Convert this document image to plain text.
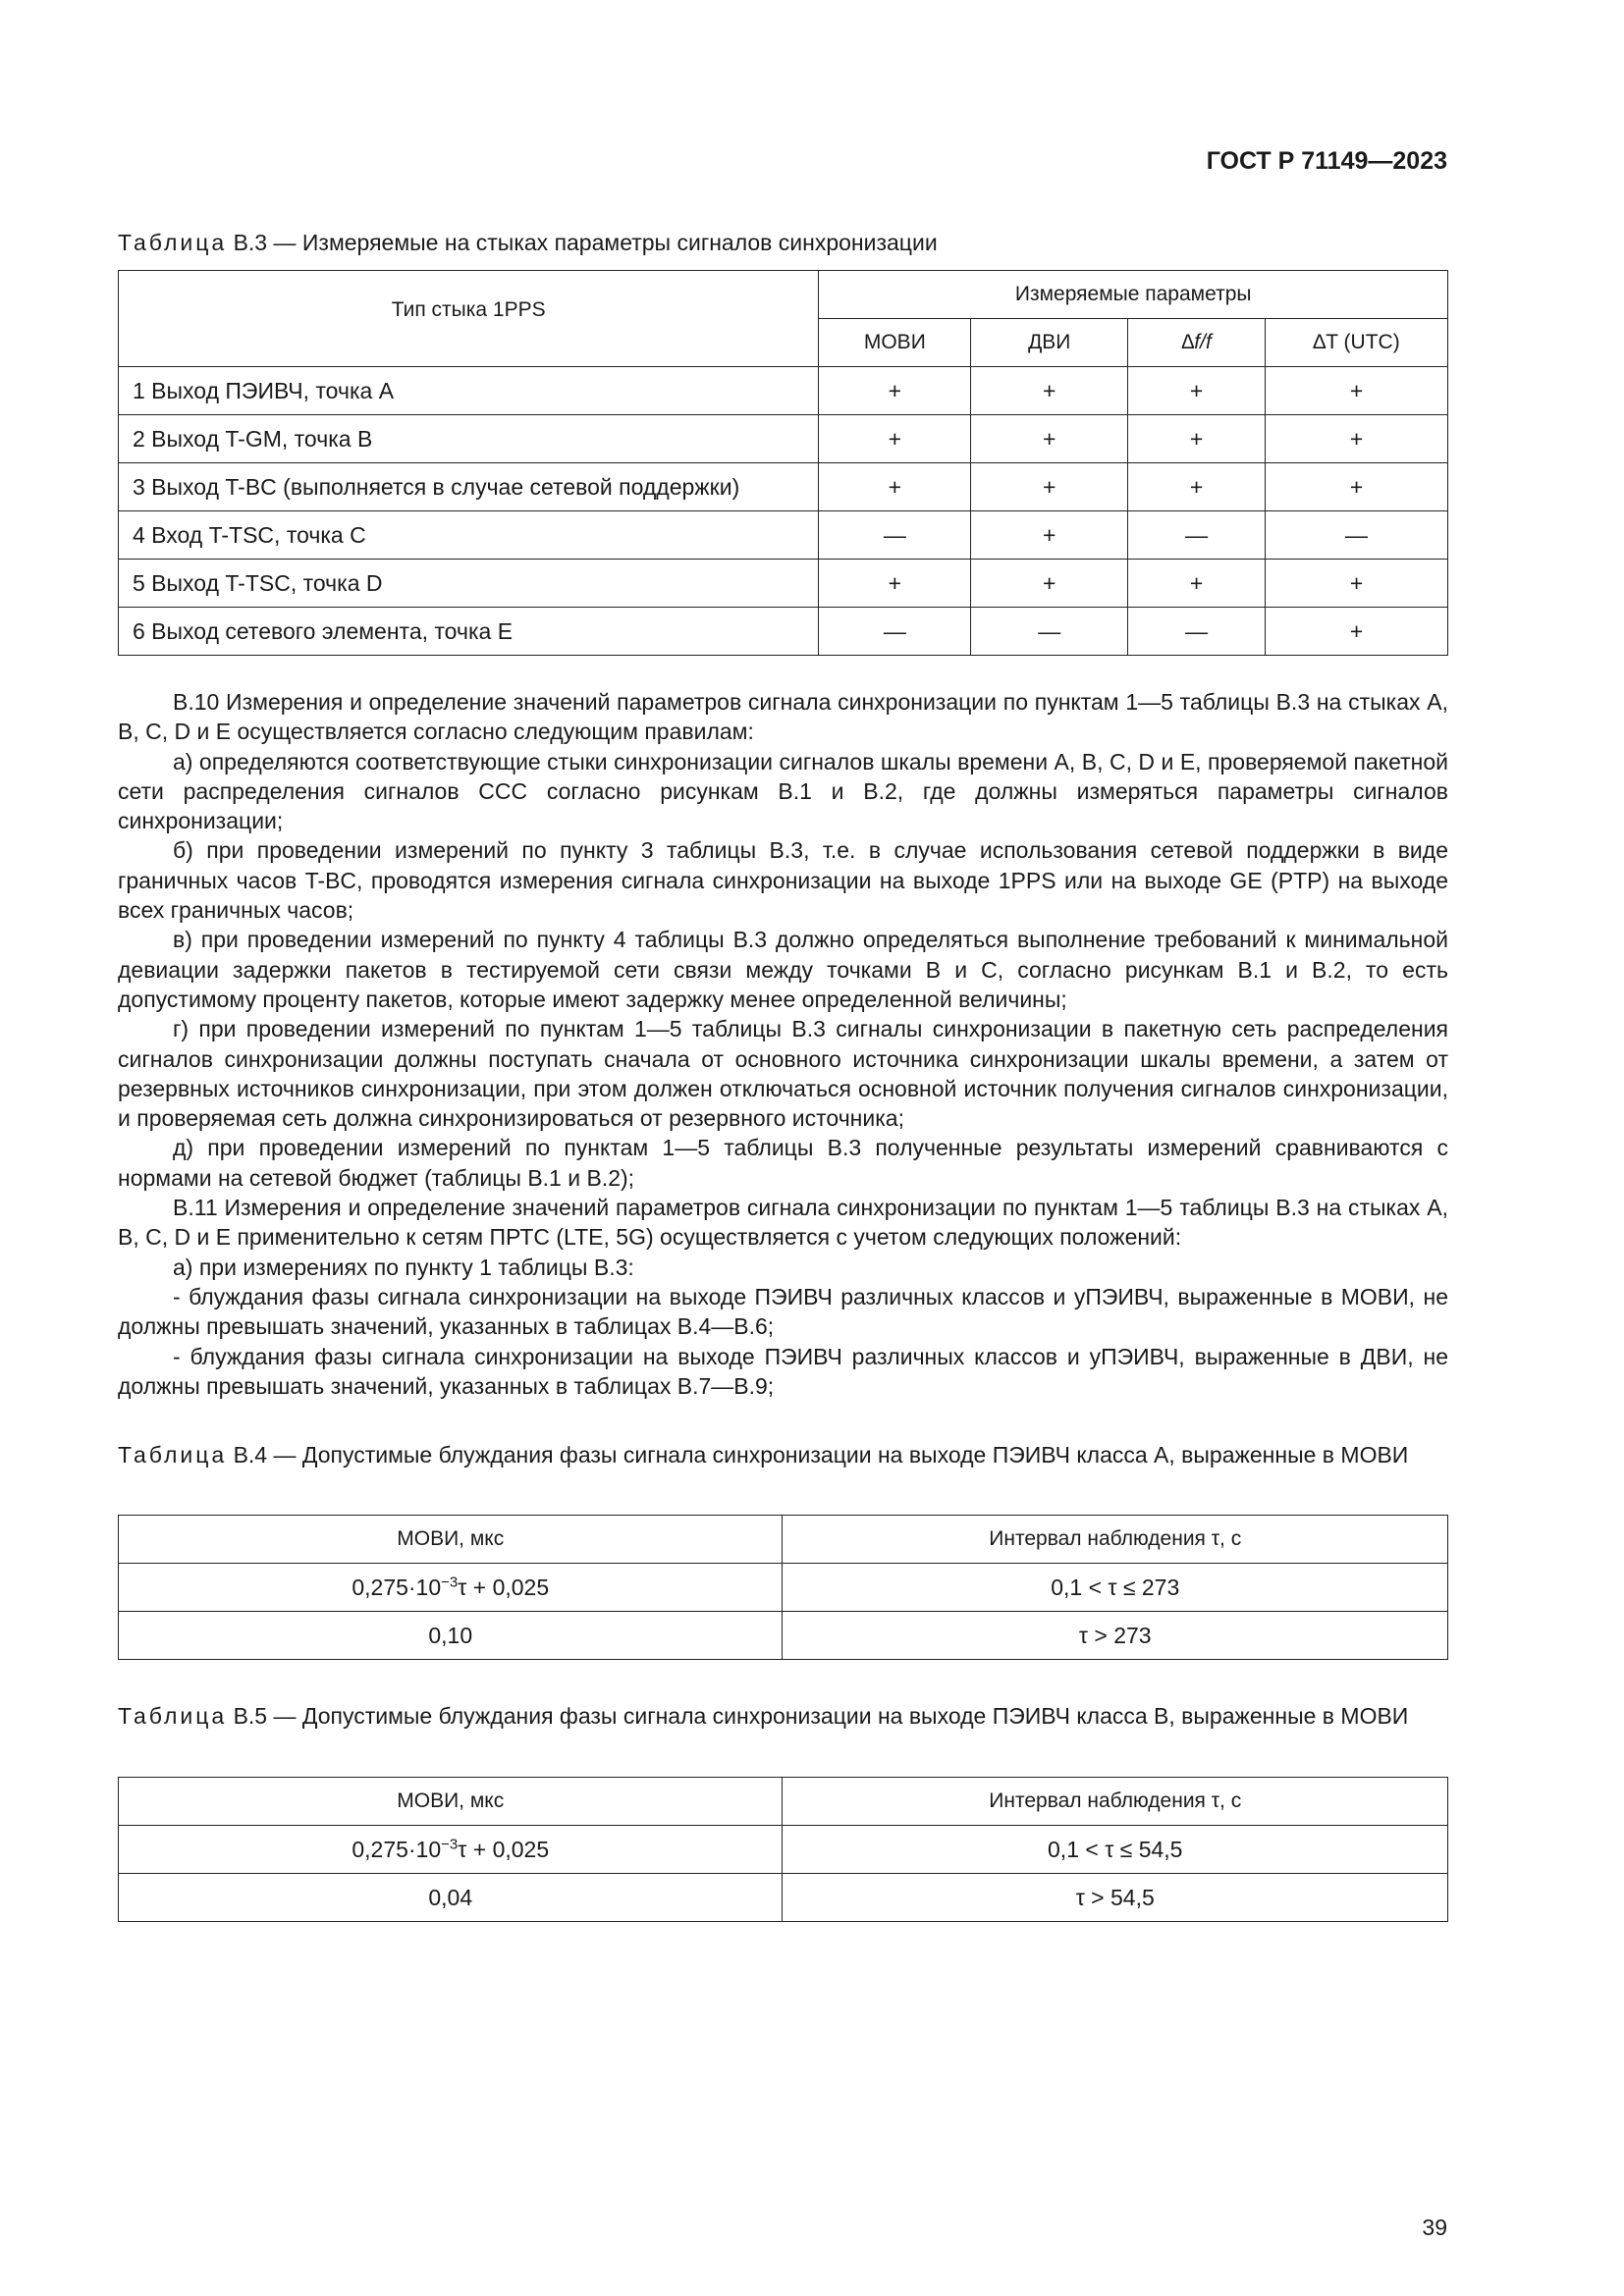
ГОСТ Р 71149—2023
Таблица В.3 — Измеряемые на стыках параметры сигналов синхронизации
Тип стыка 1PPS	Измеряемые параметры			
	МОВИ	ДВИ	∆f/f	∆T (UTC)
1 Выход ПЭИВЧ, точка А	+	+	+	+
2 Выход T-GM, точка B	+	+	+	+
3 Выход T-BC (выполняется в случае сетевой поддержки)	+	+	+	+
4 Вход T-TSC, точка C	—	+	—	—
5 Выход T-TSC, точка D	+	+	+	+
6 Выход сетевого элемента, точка E	—	—	—	+

В.10 Измерения и определение значений параметров сигнала синхронизации по пунктам 1—5 таблицы В.3 на стыках А, B, C, D и E осуществляется согласно следующим правилам:

а) определяются соответствующие стыки синхронизации сигналов шкалы времени A, B, C, D и E, проверяемой пакетной сети распределения сигналов ССС согласно рисункам В.1 и В.2, где должны измеряться параметры сигналов синхронизации;

б) при проведении измерений по пункту 3 таблицы В.3, т.е. в случае использования сетевой поддержки в виде граничных часов T-BC, проводятся измерения сигнала синхронизации на выходе 1PPS или на выходе GE (PTP) на выходе всех граничных часов;

в) при проведении измерений по пункту 4 таблицы В.3 должно определяться выполнение требований к минимальной девиации задержки пакетов в тестируемой сети связи между точками B и C, согласно рисункам В.1 и В.2, то есть допустимому проценту пакетов, которые имеют задержку менее определенной величины;

г) при проведении измерений по пунктам 1—5 таблицы В.3 сигналы синхронизации в пакетную сеть распределения сигналов синхронизации должны поступать сначала от основного источника синхронизации шкалы времени, а затем от резервных источников синхронизации, при этом должен отключаться основной источник получения сигналов синхронизации, и проверяемая сеть должна синхронизироваться от резервного источника;

д) при проведении измерений по пунктам 1—5 таблицы В.3 полученные результаты измерений сравниваются с нормами на сетевой бюджет (таблицы В.1 и В.2);

В.11 Измерения и определение значений параметров сигнала синхронизации по пунктам 1—5 таблицы В.3 на стыках А, B, C, D и E применительно к сетям ПРТС (LTE, 5G) осуществляется с учетом следующих положений:

а) при измерениях по пункту 1 таблицы В.3:

- блуждания фазы сигнала синхронизации на выходе ПЭИВЧ различных классов и уПЭИВЧ, выраженные в МОВИ, не должны превышать значений, указанных в таблицах В.4—В.6;

- блуждания фазы сигнала синхронизации на выходе ПЭИВЧ различных классов и уПЭИВЧ, выраженные в ДВИ, не должны превышать значений, указанных в таблицах В.7—В.9;

Таблица В.4 — Допустимые блуждания фазы сигнала синхронизации на выходе ПЭИВЧ класса А, выраженные в МОВИ
МОВИ, мкс	Интервал наблюдения τ, с
$0,275\cdot 10^{-3}\tau + 0,025$	0,1 < τ ≤ 273
0,10	τ > 273
Таблица В.5 — Допустимые блуждания фазы сигнала синхронизации на выходе ПЭИВЧ класса B, выраженные в МОВИ
МОВИ, мкс	Интервал наблюдения τ, с
$0,275\cdot 10^{-3}\tau + 0,025$	0,1 < τ ≤ 54,5
0,04	τ > 54,5
39
